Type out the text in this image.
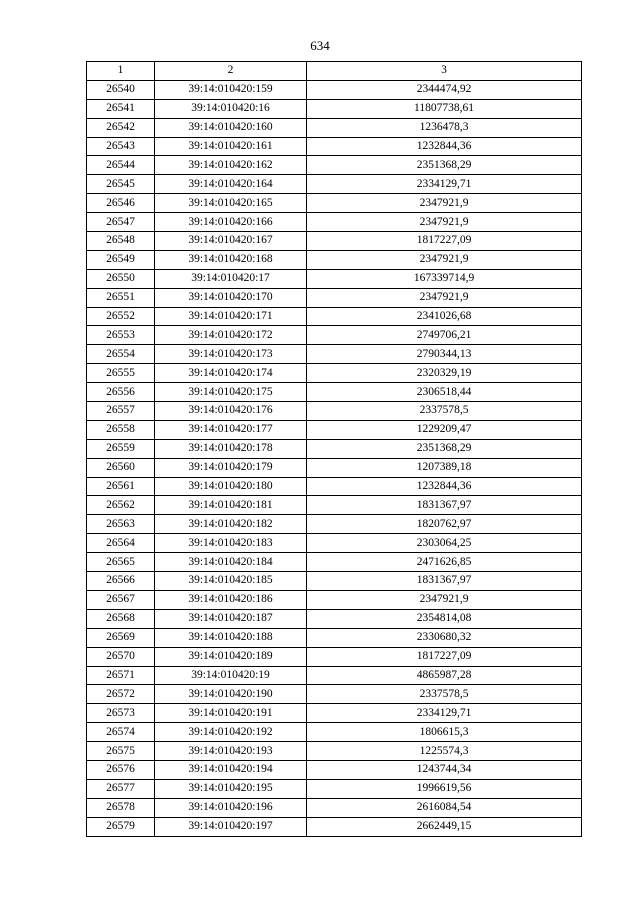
634
1	2	3
26540	39:14:010420:159	2344474,92
26541	39:14:010420:16	11807738,61
26542	39:14:010420:160	1236478,3
26543	39:14:010420:161	1232844,36
26544	39:14:010420:162	2351368,29
26545	39:14:010420:164	2334129,71
26546	39:14:010420:165	2347921,9
26547	39:14:010420:166	2347921,9
26548	39:14:010420:167	1817227,09
26549	39:14:010420:168	2347921,9
26550	39:14:010420:17	167339714,9
26551	39:14:010420:170	2347921,9
26552	39:14:010420:171	2341026,68
26553	39:14:010420:172	2749706,21
26554	39:14:010420:173	2790344,13
26555	39:14:010420:174	2320329,19
26556	39:14:010420:175	2306518,44
26557	39:14:010420:176	2337578,5
26558	39:14:010420:177	1229209,47
26559	39:14:010420:178	2351368,29
26560	39:14:010420:179	1207389,18
26561	39:14:010420:180	1232844,36
26562	39:14:010420:181	1831367,97
26563	39:14:010420:182	1820762,97
26564	39:14:010420:183	2303064,25
26565	39:14:010420:184	2471626,85
26566	39:14:010420:185	1831367,97
26567	39:14:010420:186	2347921,9
26568	39:14:010420:187	2354814,08
26569	39:14:010420:188	2330680,32
26570	39:14:010420:189	1817227,09
26571	39:14:010420:19	4865987,28
26572	39:14:010420:190	2337578,5
26573	39:14:010420:191	2334129,71
26574	39:14:010420:192	1806615,3
26575	39:14:010420:193	1225574,3
26576	39:14:010420:194	1243744,34
26577	39:14:010420:195	1996619,56
26578	39:14:010420:196	2616084,54
26579	39:14:010420:197	2662449,15
